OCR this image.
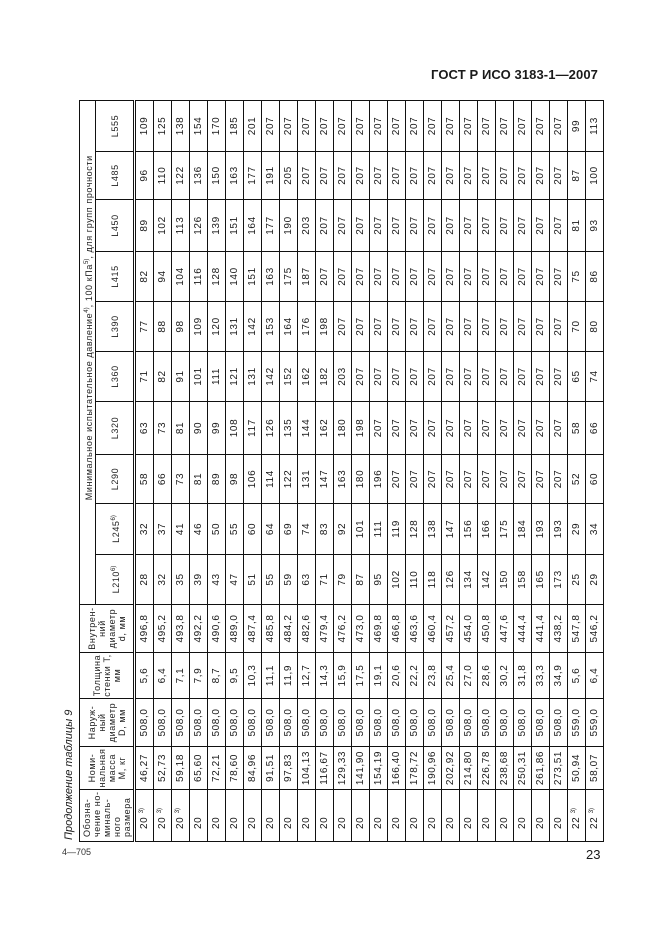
ГОСТ Р ИСО 3183-1—2007
Продолжение таблицы 9 Обозна-чение но-миналь-ного размера	Номи-нальная масса M, кг	Наруж-ный диаметр D, мм	Толщина стенки T, мм	Внутрен-ний диаметр d, мм		Минимальное испытательное давление$^{4)}$, 100 кПа$^{5)}$, для групп прочности								
					L210$^{6)}$	L245$^{6)}$	L290	L320	L360	L390	L415	L450	L485	L555
20 $^{3)}$	46,27	508,0	5,6	496,8	28	32	58	63	71	77	82	89	96	109
20 $^{3)}$	52,73	508,0	6,4	495,2	32	37	66	73	82	88	94	102	110	125
20 $^{3)}$	59,18	508,0	7,1	493,8	35	41	73	81	91	98	104	113	122	138
20	65,60	508,0	7,9	492,2	39	46	81	90	101	109	116	126	136	154
20	72,21	508,0	8,7	490,6	43	50	89	99	111	120	128	139	150	170
20	78,60	508,0	9,5	489,0	47	55	98	108	121	131	140	151	163	185
20	84,96	508,0	10,3	487,4	51	60	106	117	131	142	151	164	177	201
20	91,51	508,0	11,1	485,8	55	64	114	126	142	153	163	177	191	207
20	97,83	508,0	11,9	484,2	59	69	122	135	152	164	175	190	205	207
20	104,13	508,0	12,7	482,6	63	74	131	144	162	176	187	203	207	207
20	116,67	508,0	14,3	479,4	71	83	147	162	182	198	207	207	207	207
20	129,33	508,0	15,9	476,2	79	92	163	180	203	207	207	207	207	207
20	141,90	508,0	17,5	473,0	87	101	180	198	207	207	207	207	207	207
20	154,19	508,0	19,1	469,8	95	111	196	207	207	207	207	207	207	207
20	166,40	508,0	20,6	466,8	102	119	207	207	207	207	207	207	207	207
20	178,72	508,0	22,2	463,6	110	128	207	207	207	207	207	207	207	207
20	190,96	508,0	23,8	460,4	118	138	207	207	207	207	207	207	207	207
20	202,92	508,0	25,4	457,2	126	147	207	207	207	207	207	207	207	207
20	214,80	508,0	27,0	454,0	134	156	207	207	207	207	207	207	207	207
20	226,78	508,0	28,6	450,8	142	166	207	207	207	207	207	207	207	207
20	238,68	508,0	30,2	447,6	150	175	207	207	207	207	207	207	207	207
20	250,31	508,0	31,8	444,4	158	184	207	207	207	207	207	207	207	207
20	261,86	508,0	33,3	441,4	165	193	207	207	207	207	207	207	207	207
20	273,51	508,0	34,9	438,2	173	193	207	207	207	207	207	207	207	207
22 $^{3)}$	50,94	559,0	5,6	547,8	25	29	52	58	65	70	75	81	87	99
22 $^{3)}$	58,07	559,0	6,4	546,2	29	34	60	66	74	80	86	93	100	113
4—705	23
